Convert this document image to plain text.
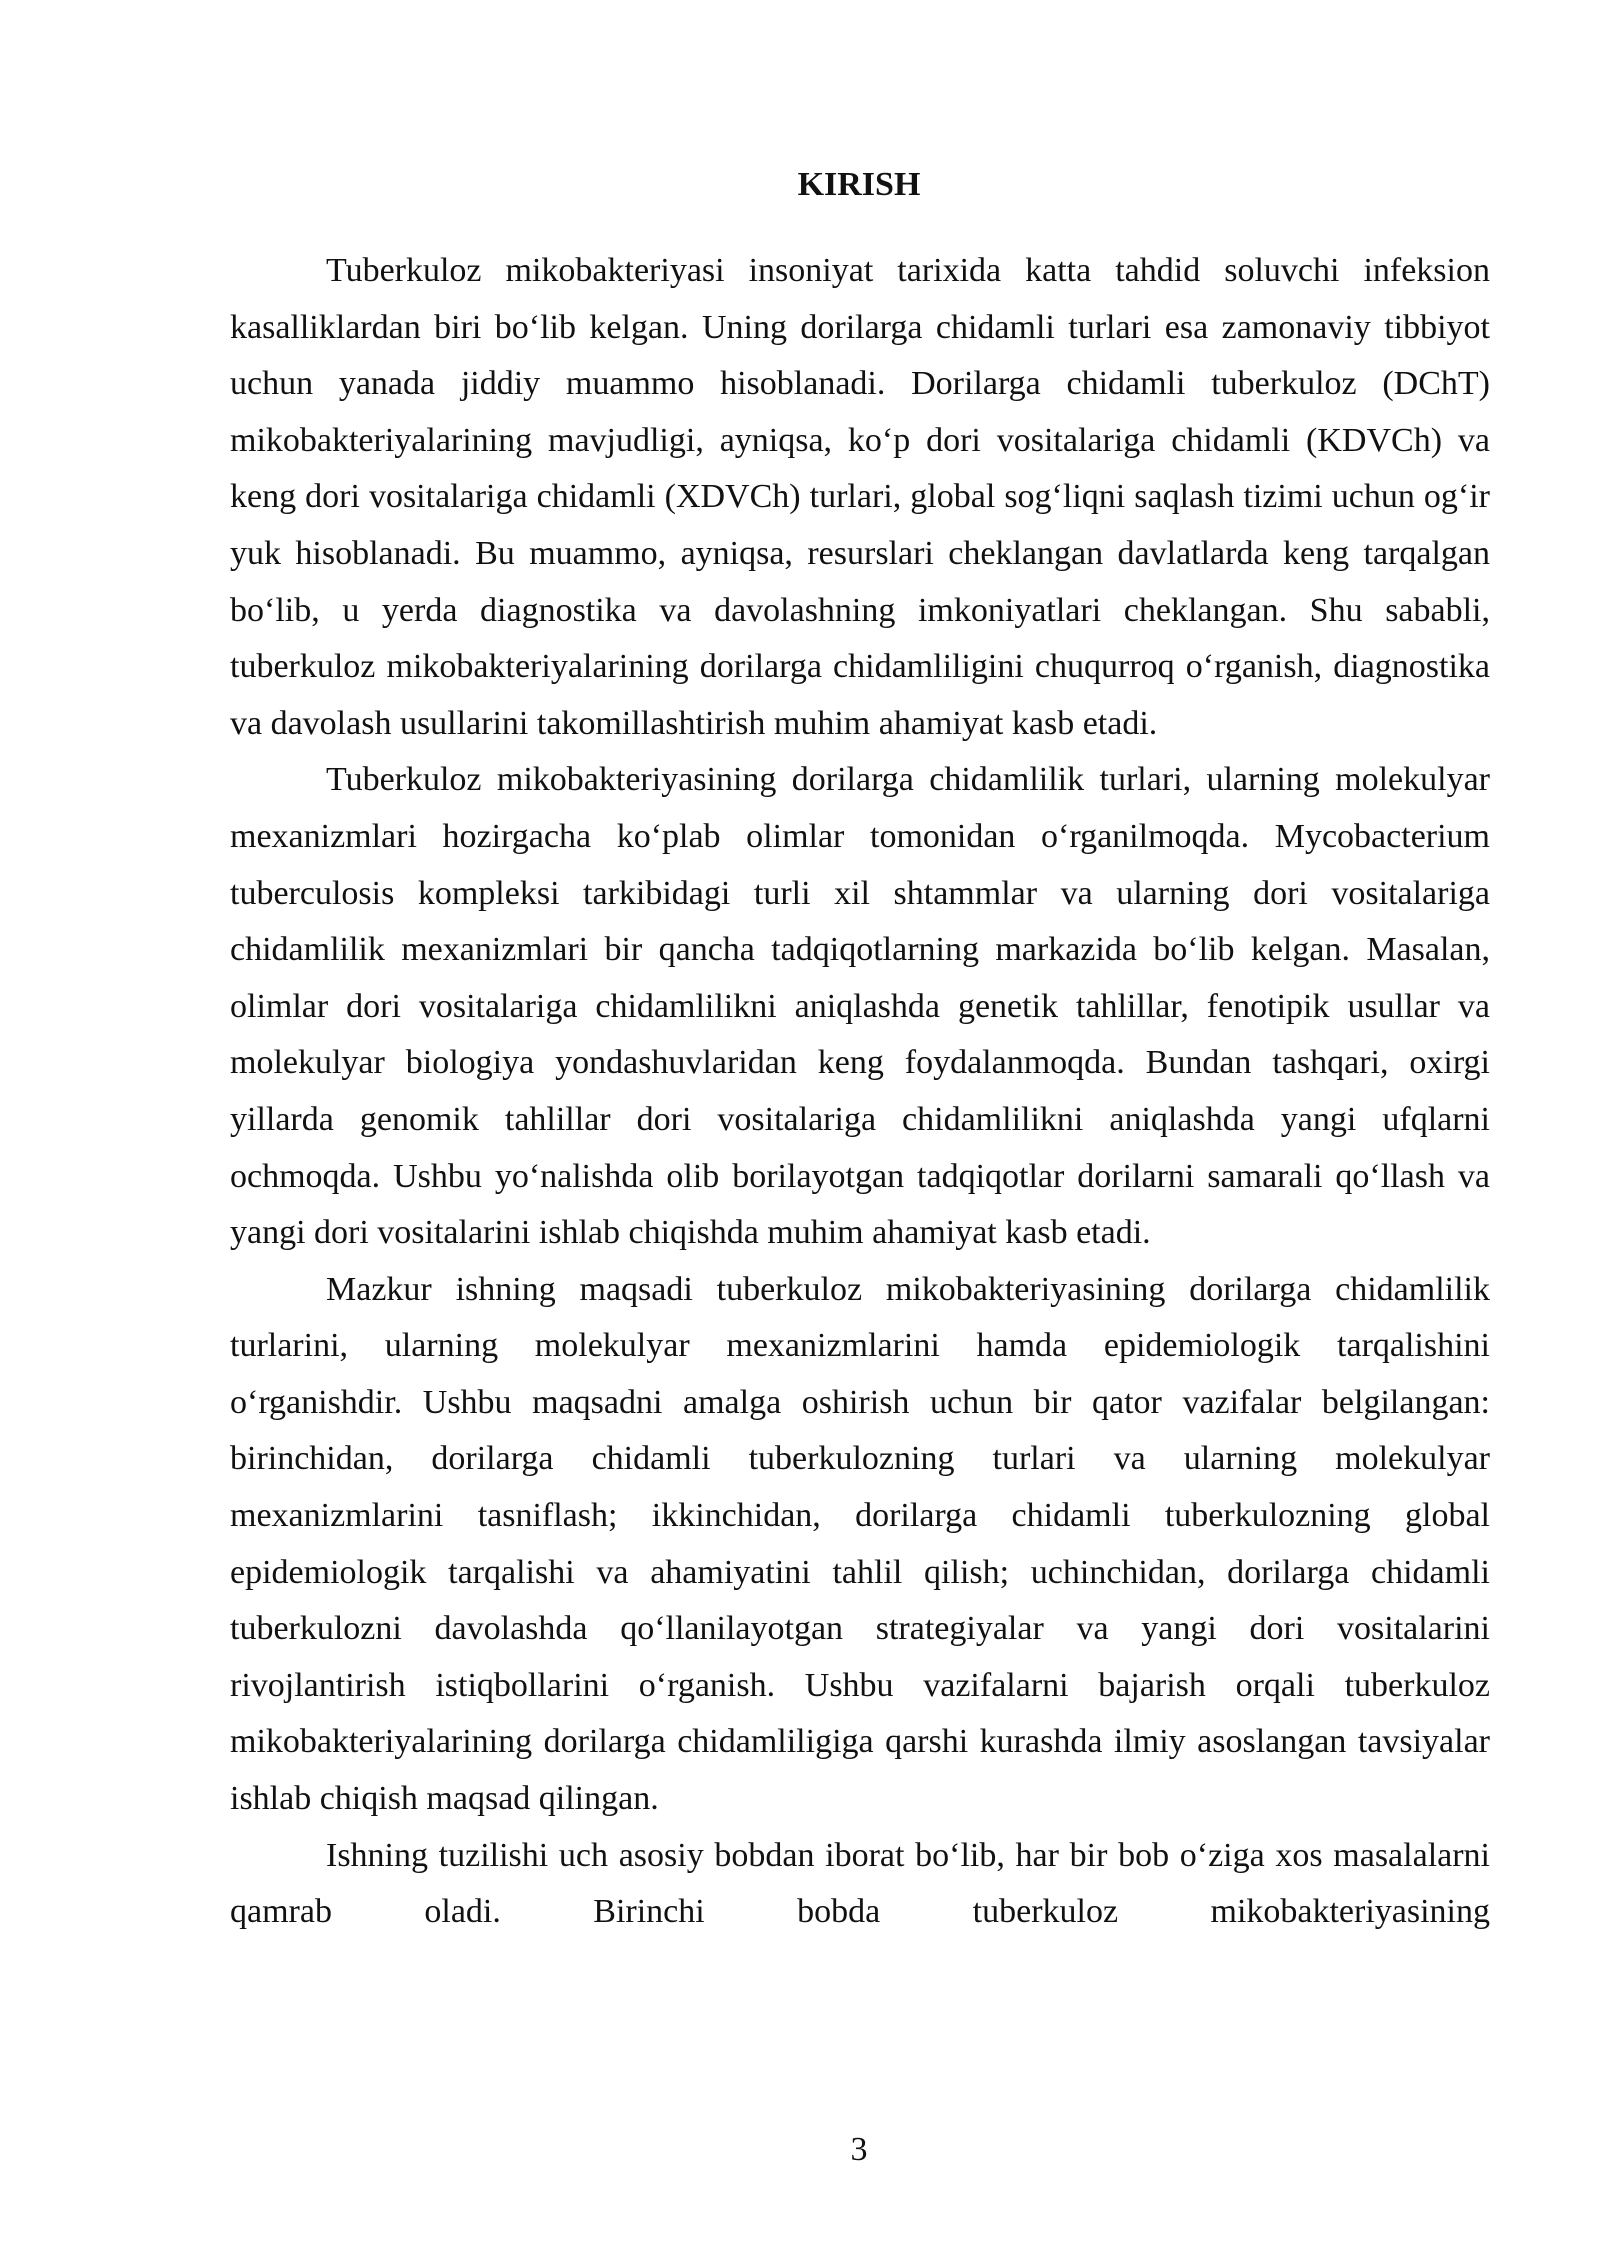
KIRISH

Tuberkuloz mikobakteriyasi insoniyat tarixida katta tahdid soluvchi infeksion kasalliklardan biri bo‘lib kelgan. Uning dorilarga chidamli turlari esa zamonaviy tibbiyot uchun yanada jiddiy muammo hisoblanadi. Dorilarga chidamli tuberkuloz (DChT) mikobakteriyalarining mavjudligi, ayniqsa, ko‘p dori vositalariga chidamli (KDVCh) va keng dori vositalariga chidamli (XDVCh) turlari, global sog‘liqni saqlash tizimi uchun og‘ir yuk hisoblanadi. Bu muammo, ayniqsa, resurslari cheklangan davlatlarda keng tarqalgan bo‘lib, u yerda diagnostika va davolashning imkoniyatlari cheklangan. Shu sababli, tuberkuloz mikobakteriyalarining dorilarga chidamliligini chuqurroq o‘rganish, diagnostika va davolash usullarini takomillashtirish muhim ahamiyat kasb etadi.

Tuberkuloz mikobakteriyasining dorilarga chidamlilik turlari, ularning molekulyar mexanizmlari hozirgacha ko‘plab olimlar tomonidan o‘rganilmoqda. Mycobacterium tuberculosis kompleksi tarkibidagi turli xil shtammlar va ularning dori vositalariga chidamlilik mexanizmlari bir qancha tadqiqotlarning markazida bo‘lib kelgan. Masalan, olimlar dori vositalariga chidamlilikni aniqlashda genetik tahlillar, fenotipik usullar va molekulyar biologiya yondashuvlaridan keng foydalanmoqda. Bundan tashqari, oxirgi yillarda genomik tahlillar dori vositalariga chidamlilikni aniqlashda yangi ufqlarni ochmoqda. Ushbu yo‘nalishda olib borilayotgan tadqiqotlar dorilarni samarali qo‘llash va yangi dori vositalarini ishlab chiqishda muhim ahamiyat kasb etadi.

Mazkur ishning maqsadi tuberkuloz mikobakteriyasining dorilarga chidamlilik turlarini, ularning molekulyar mexanizmlarini hamda epidemiologik tarqalishini o‘rganishdir. Ushbu maqsadni amalga oshirish uchun bir qator vazifalar belgilangan: birinchidan, dorilarga chidamli tuberkulozning turlari va ularning molekulyar mexanizmlarini tasniflash; ikkinchidan, dorilarga chidamli tuberkulozning global epidemiologik tarqalishi va ahamiyatini tahlil qilish; uchinchidan, dorilarga chidamli tuberkulozni davolashda qo‘llanilayotgan strategiyalar va yangi dori vositalarini rivojlantirish istiqbollarini o‘rganish. Ushbu vazifalarni bajarish orqali tuberkuloz mikobakteriyalarining dorilarga chidamliligiga qarshi kurashda ilmiy asoslangan tavsiyalar ishlab chiqish maqsad qilingan.

Ishning tuzilishi uch asosiy bobdan iborat bo‘lib, har bir bob o‘ziga xos masalalarni qamrab oladi. Birinchi bobda tuberkuloz mikobakteriyasining

3
